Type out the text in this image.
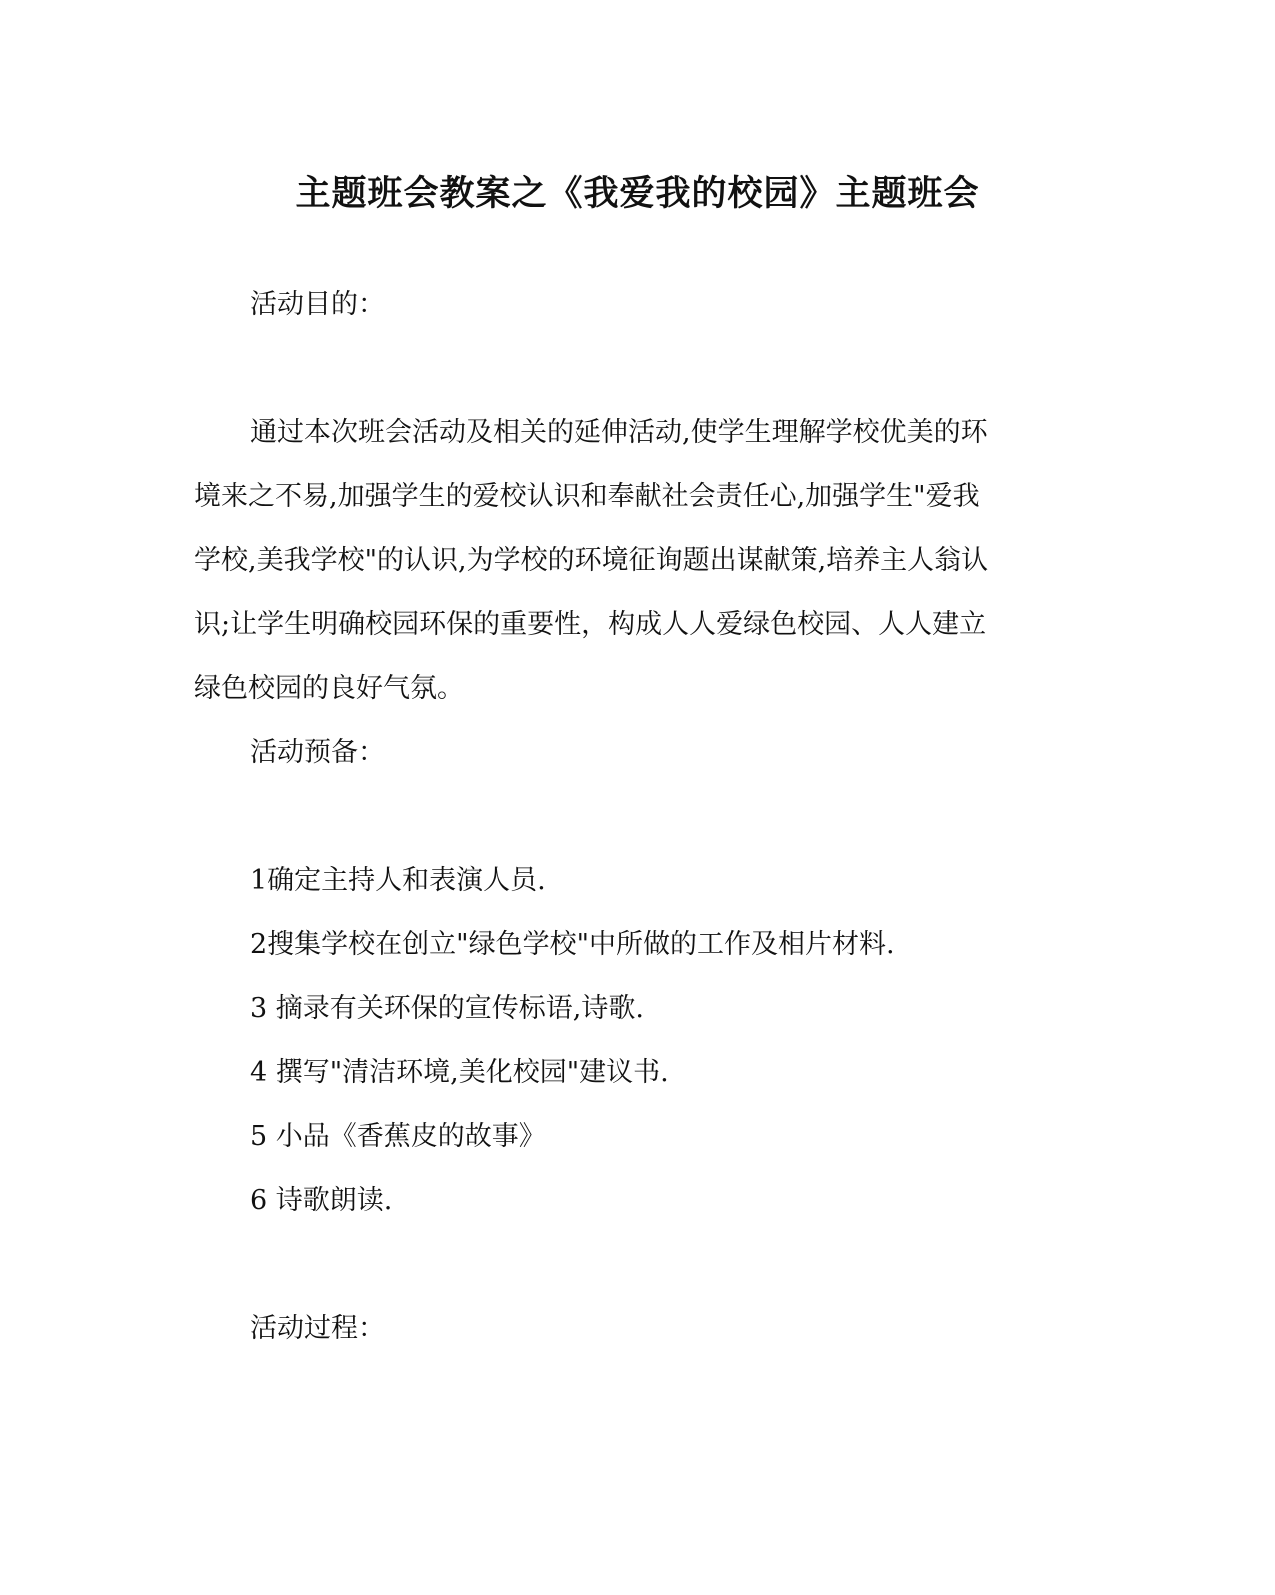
主题班会教案之《我爱我的校园》主题班会
活动目的：
通过本次班会活动及相关的延伸活动,使学生理解学校优美的环
境来之不易,加强学生的爱校认识和奉献社会责任心,加强学生"爱我
学校,美我学校"的认识,为学校的环境征询题出谋献策,培养主人翁认
识;让学生明确校园环保的重要性，构成人人爱绿色校园、人人建立
绿色校园的良好气氛。
活动预备：
1确定主持人和表演人员.
2搜集学校在创立"绿色学校"中所做的工作及相片材料.
3 摘录有关环保的宣传标语,诗歌.
4 撰写"清洁环境,美化校园"建议书.
5 小品《香蕉皮的故事》
6 诗歌朗读.
活动过程：
